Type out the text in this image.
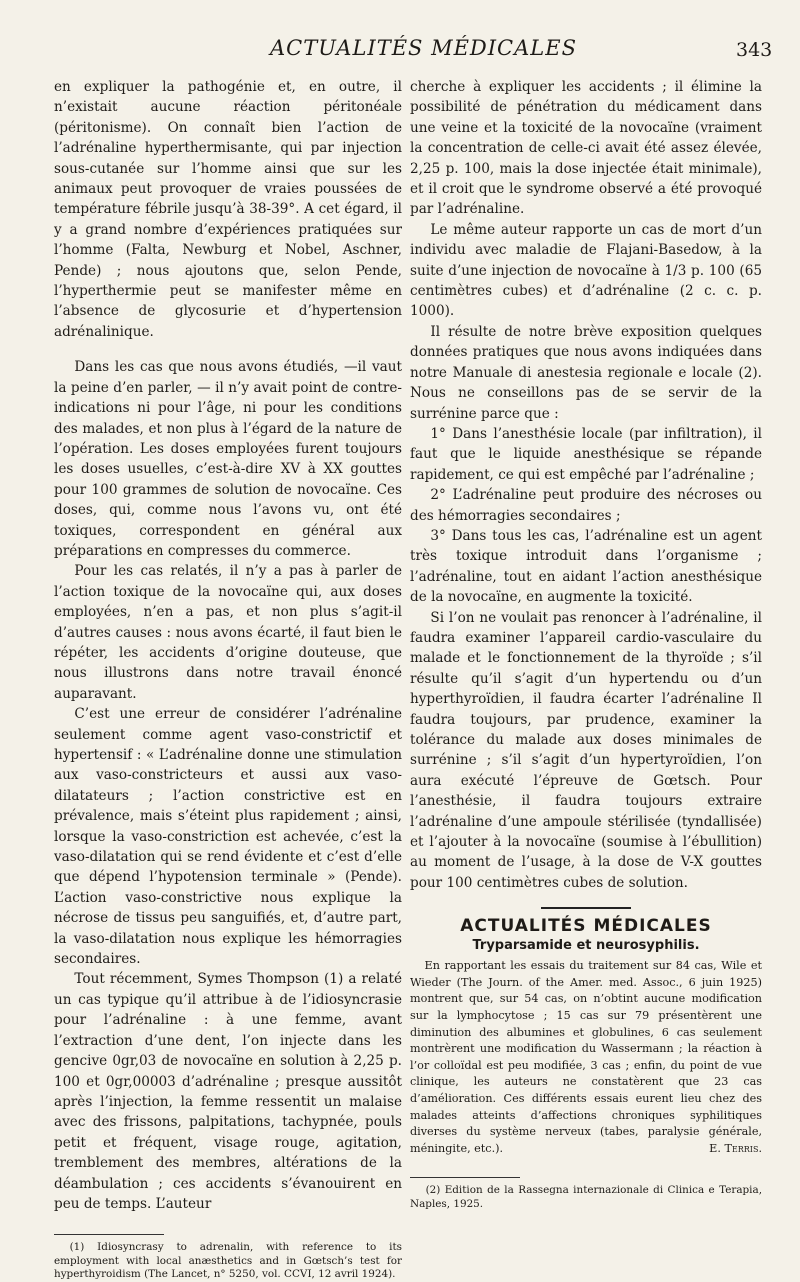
ACTUALITÉS MÉDICALES	343

en expliquer la pathogénie et, en outre, il n’existait aucune réaction péritonéale (péritonisme). On connaît bien l’action de l’adrénaline hyperthermisante, qui par injection sous-cutanée sur l’homme ainsi que sur les animaux peut provoquer de vraies poussées de température fébrile jusqu’à 38-39°. A cet égard, il y a grand nombre d’expériences pratiquées sur l’homme (Falta, Newburg et Nobel, Aschner, Pende) ; nous ajoutons que, selon Pende, l’hyperthermie peut se manifester même en l’absence de glycosurie et d’hypertension adrénalinique.

Dans les cas que nous avons étudiés, —il vaut la peine d’en parler, — il n’y avait point de contre-indications ni pour l’âge, ni pour les conditions des malades, et non plus à l’égard de la nature de l’opération. Les doses employées furent toujours les doses usuelles, c’est-à-dire XV à XX gouttes pour 100 grammes de solution de novocaïne. Ces doses, qui, comme nous l’avons vu, ont été toxiques, correspondent en général aux préparations en compresses du commerce.

Pour les cas relatés, il n’y a pas à parler de l’action toxique de la novocaïne qui, aux doses employées, n’en a pas, et non plus s’agit-il d’autres causes : nous avons écarté, il faut bien le répéter, les accidents d’origine douteuse, que nous illustrons dans notre travail énoncé auparavant.

C’est une erreur de considérer l’adrénaline seulement comme agent vaso-constrictif et hypertensif : « L’adrénaline donne une stimulation aux vaso-constricteurs et aussi aux vaso-dilatateurs ; l’action constrictive est en prévalence, mais s’éteint plus rapidement ; ainsi, lorsque la vaso-constriction est achevée, c’est la vaso-dilatation qui se rend évidente et c’est d’elle que dépend l’hypotension terminale » (Pende). L’action vaso-constrictive nous explique la nécrose de tissus peu sanguifiés, et, d’autre part, la vaso-dilatation nous explique les hémorragies secondaires.

Tout récemment, Symes Thompson (1) a relaté un cas typique qu’il attribue à de l’idiosyncrasie pour l’adrénaline : à une femme, avant l’extraction d’une dent, l’on injecte dans les gencive 0gr,03 de novocaïne en solution à 2,25 p. 100 et 0gr,00003 d’adrénaline ; presque aussitôt après l’injection, la femme ressentit un malaise avec des frissons, palpitations, tachypnée, pouls petit et fréquent, visage rouge, agitation, tremblement des membres, altérations de la déambulation ; ces accidents s’évanouirent en peu de temps. L’auteur

(1) Idiosyncrasy to adrenalin, with reference to its employment with local anæsthetics and in Gœtsch’s test for hyperthyroidism (The Lancet, n° 5250, vol. CCVI, 12 avril 1924).

cherche à expliquer les accidents ; il élimine la possibilité de pénétration du médicament dans une veine et la toxicité de la novocaïne (vraiment la concentration de celle-ci avait été assez élevée, 2,25 p. 100, mais la dose injectée était minimale), et il croit que le syndrome observé a été provoqué par l’adrénaline.

Le même auteur rapporte un cas de mort d’un individu avec maladie de Flajani-Basedow, à la suite d’une injection de novocaïne à 1/3 p. 100 (65 centimètres cubes) et d’adrénaline (2 c. c. p. 1000).

Il résulte de notre brève exposition quelques données pratiques que nous avons indiquées dans notre Manuale di anestesia regionale e locale (2). Nous ne conseillons pas de se servir de la surrénine parce que :

1° Dans l’anesthésie locale (par infiltration), il faut que le liquide anesthésique se répande rapidement, ce qui est empêché par l’adrénaline ;

2° L’adrénaline peut produire des nécroses ou des hémorragies secondaires ;

3° Dans tous les cas, l’adrénaline est un agent très toxique introduit dans l’organisme ; l’adrénaline, tout en aidant l’action anesthésique de la novocaïne, en augmente la toxicité.

Si l’on ne voulait pas renoncer à l’adrénaline, il faudra examiner l’appareil cardio-vasculaire du malade et le fonctionnement de la thyroïde ; s’il résulte qu’il s’agit d’un hypertendu ou d’un hyperthyroïdien, il faudra écarter l’adrénaline Il faudra toujours, par prudence, examiner la tolérance du malade aux doses minimales de surrénine ; s’il s’agit d’un hypertyroïdien, l’on aura exécuté l’épreuve de Gœtsch. Pour l’anesthésie, il faudra toujours extraire l’adrénaline d’une ampoule stérilisée (tyndallisée) et l’ajouter à la novocaïne (soumise à l’ébullition) au moment de l’usage, à la dose de V-X gouttes pour 100 centimètres cubes de solution.

ACTUALITÉS MÉDICALES
Tryparsamide et neurosyphilis.

En rapportant les essais du traitement sur 84 cas, Wile et Wieder (The Journ. of the Amer. med. Assoc., 6 juin 1925) montrent que, sur 54 cas, on n’obtint aucune modification sur la lymphocytose ; 15 cas sur 79 présentèrent une diminution des albumines et globulines, 6 cas seulement montrèrent une modification du Wassermann ; la réaction à l’or colloïdal est peu modifiée, 3 cas ; enfin, du point de vue clinique, les auteurs ne constatèrent que 23 cas d’amélioration. Ces différents essais eurent lieu chez des malades atteints d’affections chroniques syphilitiques diverses du système nerveux (tabes, paralysie générale, méningite, etc.).	E. Terris.

(2) Edition de la Rassegna internazionale di Clinica e Terapia, Naples, 1925.
